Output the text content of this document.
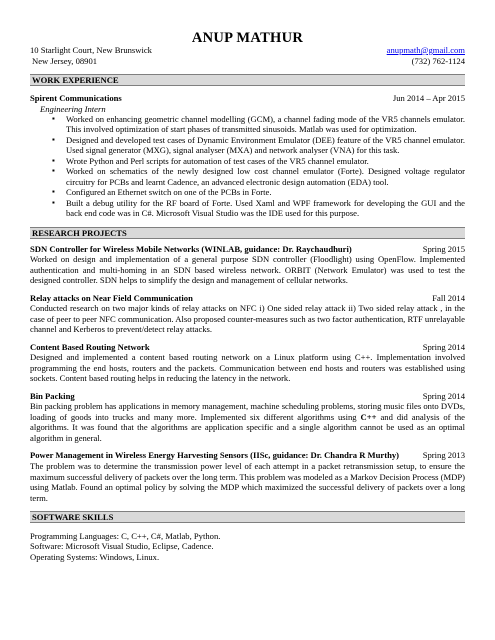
ANUP MATHUR
10 Starlight Court, New Brunswick
New Jersey, 08901
anupmath@gmail.com
(732) 762-1124
WORK EXPERIENCE
Spirent Communications	Jun 2014 – Apr 2015
Engineering Intern
▪ Worked on enhancing geometric channel modelling (GCM), a channel fading mode of the VR5 channels emulator. This involved optimization of start phases of transmitted sinusoids. Matlab was used for optimization.
▪ Designed and developed test cases of Dynamic Environment Emulator (DEE) feature of the VR5 channel emulator. Used signal generator (MXG), signal analyser (MXA) and network analyser (VNA) for this task.
▪ Wrote Python and Perl scripts for automation of test cases of the VR5 channel emulator.
▪ Worked on schematics of the newly designed low cost channel emulator (Forte). Designed voltage regulator circuitry for PCBs and learnt Cadence, an advanced electronic design automation (EDA) tool.
▪ Configured an Ethernet switch on one of the PCBs in Forte.
▪ Built a debug utility for the RF board of Forte. Used Xaml and WPF framework for developing the GUI and the back end code was in C#. Microsoft Visual Studio was the IDE used for this purpose.
RESEARCH PROJECTS
SDN Controller for Wireless Mobile Networks (WINLAB, guidance: Dr. Raychaudhuri)	Spring 2015
Worked on design and implementation of a general purpose SDN controller (Floodlight) using OpenFlow. Implemented authentication and multi-homing in an SDN based wireless network. ORBIT (Network Emulator) was used to test the designed controller. SDN helps to simplify the design and management of cellular networks.
Relay attacks on Near Field Communication	Fall 2014
Conducted research on two major kinds of relay attacks on NFC i) One sided relay attack ii) Two sided relay attack , in the case of peer to peer NFC communication. Also proposed counter-measures such as two factor authentication, RTF unrelayable channel and Kerberos to prevent/detect relay attacks.
Content Based Routing Network	Spring 2014
Designed and implemented a content based routing network on a Linux platform using C++. Implementation involved programming the end hosts, routers and the packets. Communication between end hosts and routers was established using sockets. Content based routing helps in reducing the latency in the network.
Bin Packing	Spring 2014
Bin packing problem has applications in memory management, machine scheduling problems, storing music files onto DVDs, loading of goods into trucks and many more. Implemented six different algorithms using C++ and did analysis of the algorithms. It was found that the algorithms are application specific and a single algorithm cannot be used as an optimal algorithm in general.
Power Management in Wireless Energy Harvesting Sensors (IISc, guidance: Dr. Chandra R Murthy)	Spring 2013
The problem was to determine the transmission power level of each attempt in a packet retransmission setup, to ensure the maximum successful delivery of packets over the long term. This problem was modeled as a Markov Decision Process (MDP) using Matlab. Found an optimal policy by solving the MDP which maximized the successful delivery of packets over a long term.
SOFTWARE SKILLS
Programming Languages: C, C++, C#, Matlab, Python.
Software: Microsoft Visual Studio, Eclipse, Cadence.
Operating Systems: Windows, Linux.
